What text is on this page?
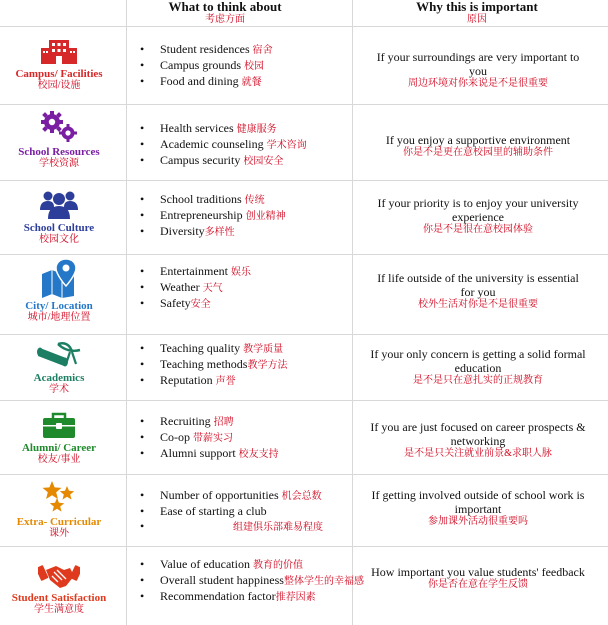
What to think about
考虑方面
Why this is important
原因
Campus/ Facilities
校园/设施
• Student residences 宿舍
• Campus grounds 校园
• Food and dining 就餐
If your surroundings are very important to you
周边环境对你来说是不是很重要
School Resources
学校资源
• Health services 健康服务
• Academic counseling 学术咨询
• Campus security 校园安全
If you enjoy a supportive environment
你是不是更在意校园里的辅助条件
School Culture
校园文化
• School traditions 传统
• Entrepreneurship 创业精神
• Diversity多样性
If your priority is to enjoy your university experience
你是不是很在意校园体验
City/ Location
城市/地理位置
• Entertainment 娱乐
• Weather 天气
• Safety安全
If life outside of the university is essential for you
校外生活对你是不是很重要
Academics
学术
• Teaching quality 教学质量
• Teaching methods教学方法
• Reputation 声誉
If your only concern is getting a solid formal education
是不是只在意扎实的正规教育
Alumni/ Career
校友/事业
• Recruiting 招聘
• Co-op 带薪实习
• Alumni support 校友支持
If you are just focused on career prospects & networking
是不是只关注就业前景&求职人脉
Extra- Curricular
课外
• Number of opportunities 机会总数
• Ease of starting a club
• 组建俱乐部难易程度
If getting involved outside of school work is important
参加课外活动很重要吗
Student Satisfaction
学生满意度
• Value of education 教育的价值
• Overall student happiness整体学生的幸福感
• Recommendation factor推荐因素
How important you value students' feedback
你是否在意在学生反馈
